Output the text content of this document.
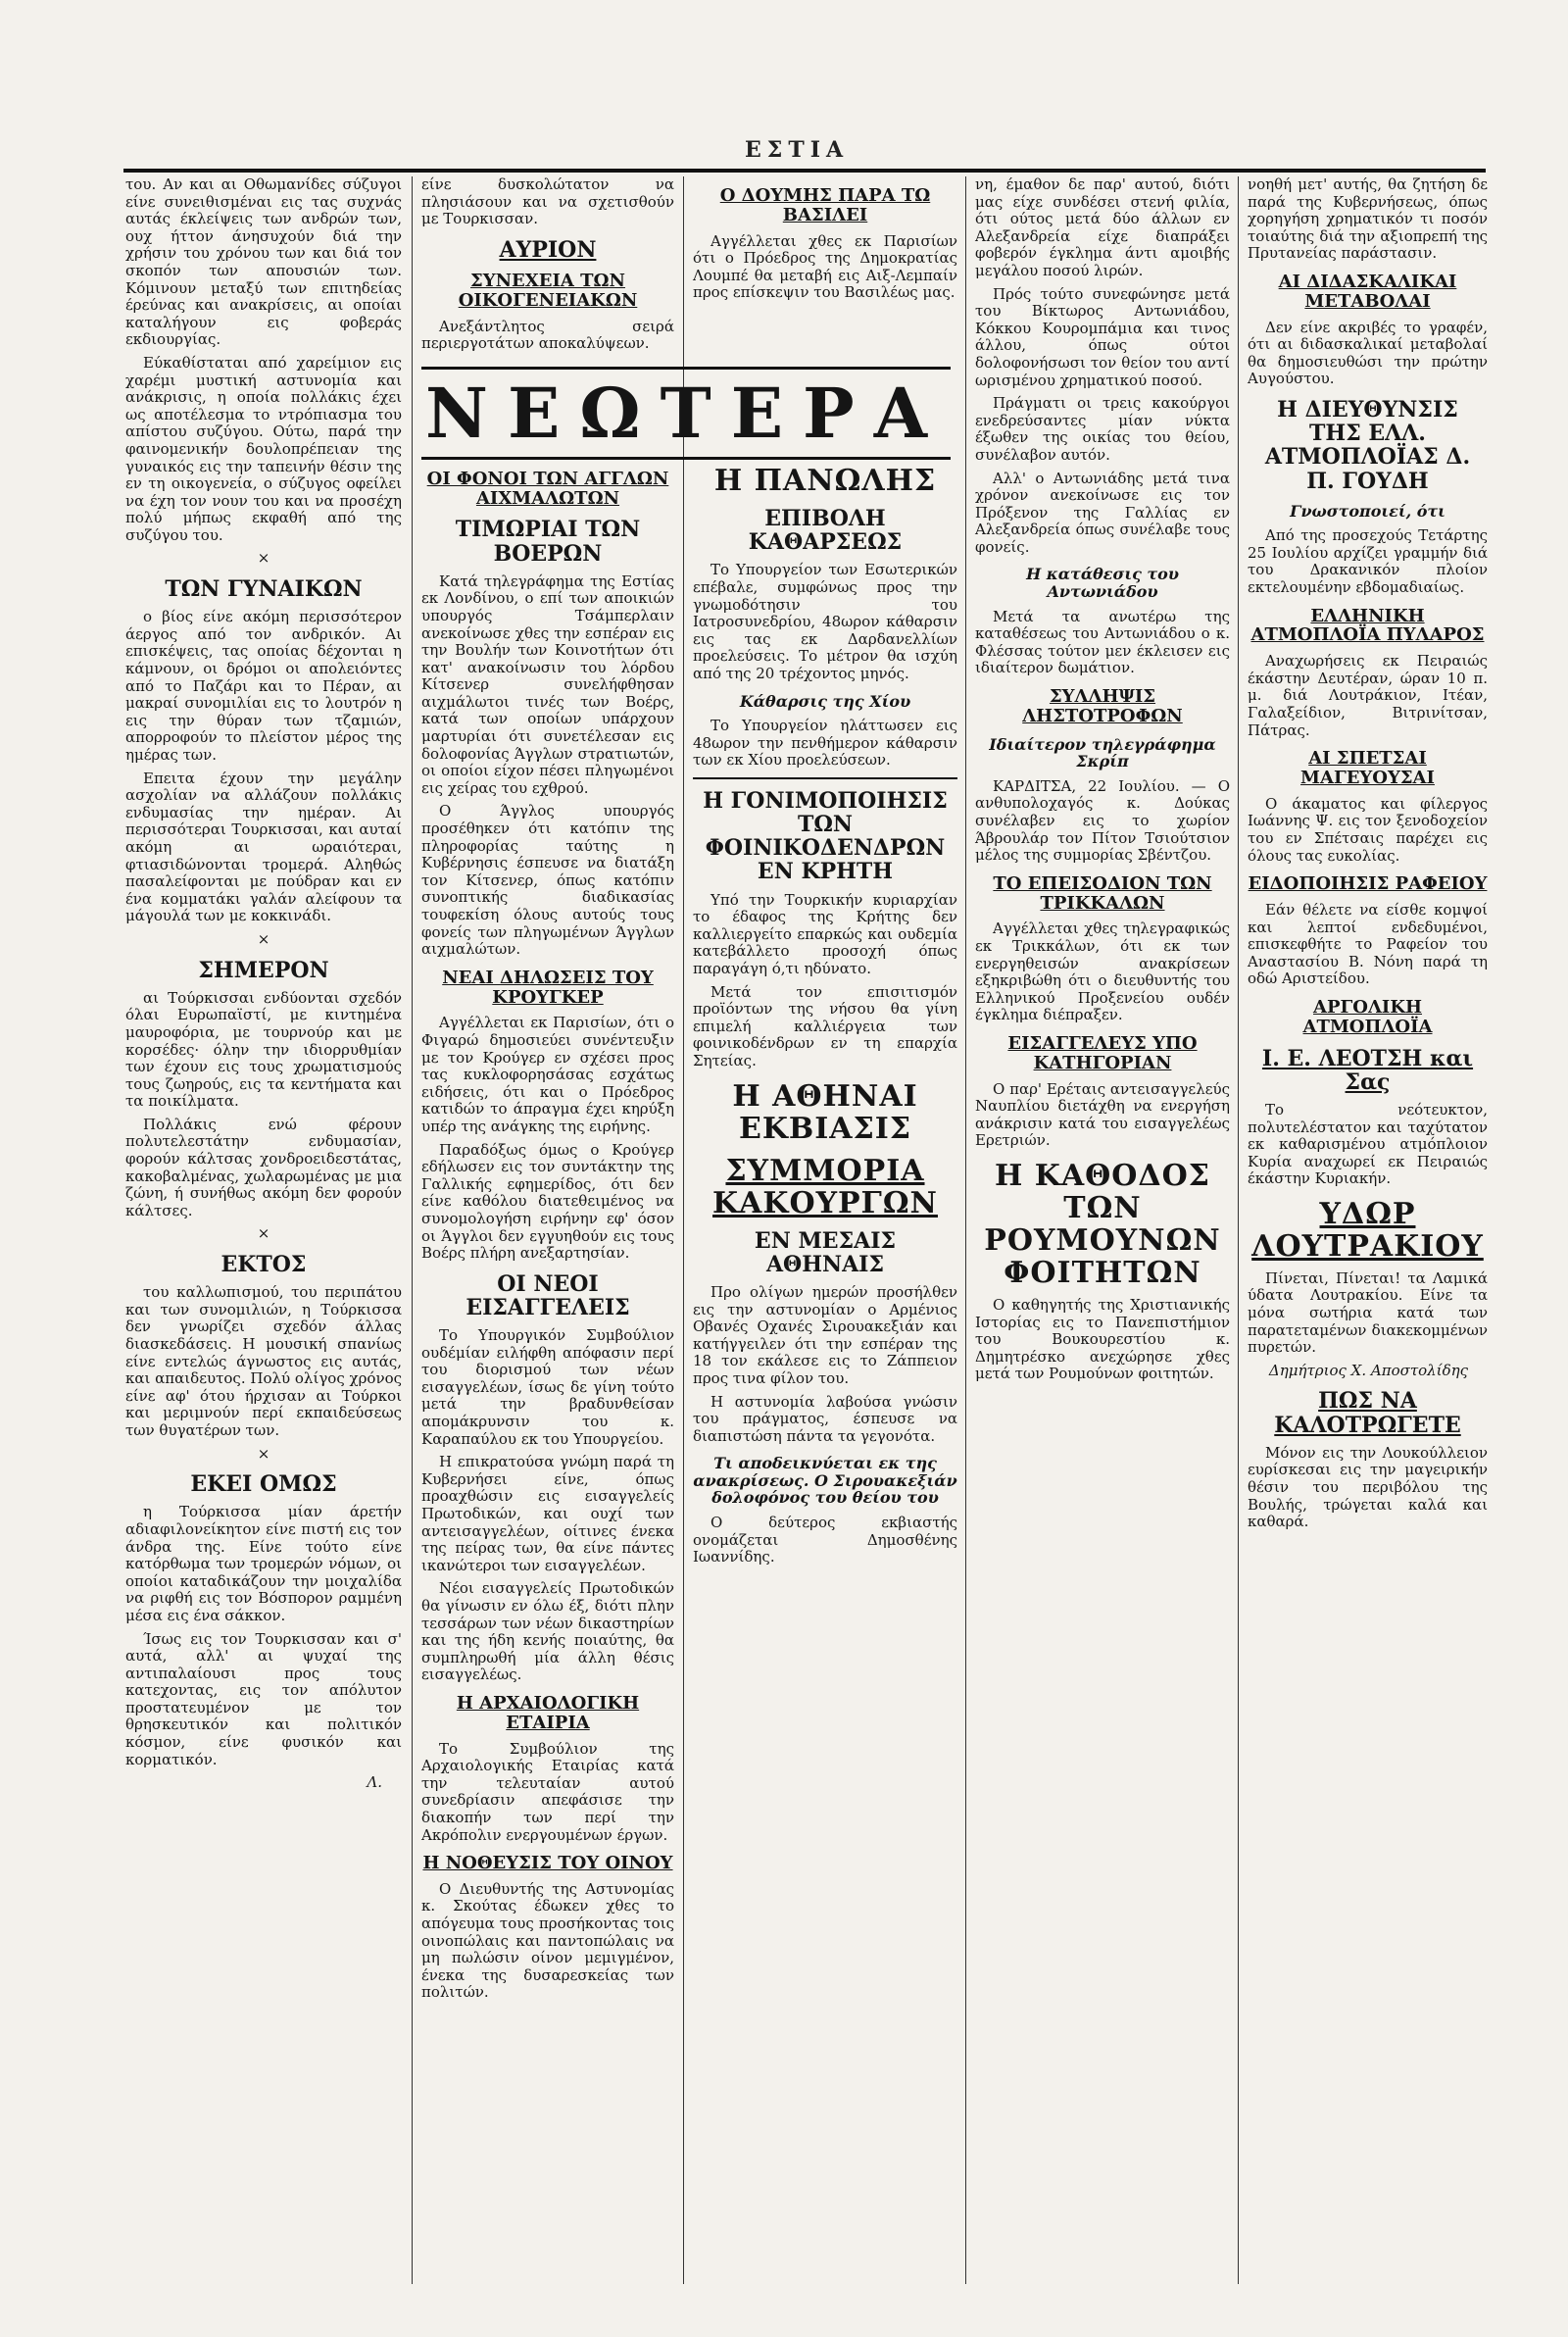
ΕΣΤΙΑ

του. Αν και αι Οθωμανίδες σύζυγοι είνε συνειθισμέναι εις τας συχνάς αυτάς έκλείψεις των ανδρών των, ουχ ήττον άνησυχούν διά την χρήσιν του χρόνου των και διά τον σκοπόν των απουσιών των. Κόμινουν μεταξύ των επιτηδείας έρεύνας και ανακρίσεις, αι οποίαι καταλήγουν εις φοβεράς εκδιουργίας.

Εύκαθίσταται από χαρείμιον εις χαρέμι μυστική αστυνομία και ανάκρισις, η οποία πολλάκις έχει ως αποτέλεσμα το ντρόπιασμα του απίστου συζύγου. Ούτω, παρά την φαινομενικήν δουλοπρέπειαν της γυναικός εις την ταπεινήν θέσιν της εν τη οικογενεία, ο σύζυγος οφείλει να έχη τον νουν του και να προσέχη πολύ μήπως εκφαθή από της συζύγου του.

×
ΤΩΝ ΓΥΝΑΙΚΩΝ

ο βίος είνε ακόμη περισσότερον άεργος από τον ανδρικόν. Αι επισκέψεις, τας οποίας δέχονται η κάμνουν, οι δρόμοι οι απολειόντες από το Παζάρι και το Πέραν, αι μακραί συνομιλίαι εις το λουτρόν η εις την θύραν των τζαμιών, απορροφούν το πλείστον μέρος της ημέρας των.

Επειτα έχουν την μεγάλην ασχολίαν να αλλάζουν πολλάκις ενδυμασίας την ημέραν. Αι περισσότεραι Τουρκισσαι, και αυταί ακόμη αι ωραιότεραι, φτιασιδώνονται τρομερά. Αληθώς πασαλείφονται με πούδραν και εν ένα κομματάκι γαλάν αλείφουν τα μάγουλά των με κοκκινάδι.

×
ΣΗΜΕΡΟΝ

αι Τούρκισσαι ενδύονται σχεδόν όλαι Ευρωπαϊστί, με κιντημένα μαυροφόρια, με τουρνούρ και με κορσέδες· όλην την ιδιορρυθμίαν των έχουν εις τους χρωματισμούς τους ζωηρούς, εις τα κεντήματα και τα ποικίλματα.

Πολλάκις ενώ φέρουν πολυτελεστάτην ενδυμασίαν, φορούν κάλτσας χονδροειδεστάτας, κακοβαλμένας, χωλαρωμένας με μια ζώνη, ή συνήθως ακόμη δεν φορούν κάλτσες.

×
ΕΚΤΟΣ

του καλλωπισμού, του περιπάτου και των συνομιλιών, η Τούρκισσα δεν γνωρίζει σχεδόν άλλας διασκεδάσεις. Η μουσική σπανίως είνε εντελώς άγνωστος εις αυτάς, και απαιδευτος. Πολύ ολίγος χρόνος είνε αφ' ότου ήρχισαν αι Τούρκοι και μεριμνούν περί εκπαιδεύσεως των θυγατέρων των.

×
ΕΚΕΙ ΟΜΩΣ

η Τούρκισσα μίαν άρετήν αδιαφιλονείκητον είνε πιστή εις τον άνδρα της. Είνε τούτο είνε κατόρθωμα των τρομερών νόμων, οι οποίοι καταδικάζουν την μοιχαλίδα να ριφθή εις τον Βόσπορον ραμμένη μέσα εις ένα σάκκον.

Ίσως εις τον Τουρκισσαν και σ' αυτά, αλλ' αι ψυχαί της αντιπαλαίουσι προς τους κατεχοντας, εις τον απόλυτον προστατευμένον με τον θρησκευτικόν και πολιτικόν κόσμον, είνε φυσικόν και κορματικόν.

Λ.

είνε δυσκολώτατον να πλησιάσουν και να σχετισθούν με Τουρκισσαν.

ΑΥΡΙΟΝ
ΣΥΝΕΧΕΙΑ ΤΩΝ ΟΙΚΟΓΕΝΕΙΑΚΩΝ

Ανεξάντλητος σειρά περιεργοτάτων αποκαλύψεων.

ΝΕΩΤΕΡΑ
ΟΙ ΦΟΝΟΙ ΤΩΝ ΑΓΓΛΩΝ ΑΙΧΜΑΛΩΤΩΝ
ΤΙΜΩΡΙΑΙ ΤΩΝ ΒΟΕΡΩΝ

Κατά τηλεγράφημα της Εστίας εκ Λονδίνου, ο επί των αποικιών υπουργός Τσάμπερλαιν ανεκοίνωσε χθες την εσπέραν εις την Βουλήν των Κοινοτήτων ότι κατ' ανακοίνωσιν του λόρδου Κίτσενερ συνελήφθησαν αιχμάλωτοι τινές των Βοέρς, κατά των οποίων υπάρχουν μαρτυρίαι ότι συνετέλεσαν εις δολοφονίας Άγγλων στρατιωτών, οι οποίοι είχον πέσει πληγωμένοι εις χείρας του εχθρού.

Ο Άγγλος υπουργός προσέθηκεν ότι κατόπιν της πληροφορίας ταύτης η Κυβέρνησις έσπευσε να διατάξη τον Κίτσενερ, όπως κατόπιν συνοπτικής διαδικασίας τουφεκίση όλους αυτούς τους φονείς των πληγωμένων Άγγλων αιχμαλώτων.

ΝΕΑΙ ΔΗΛΩΣΕΙΣ ΤΟΥ ΚΡΟΥΓΚΕΡ

Αγγέλλεται εκ Παρισίων, ότι ο Φιγαρώ δημοσιεύει συνέντευξιν με τον Κρούγερ εν σχέσει προς τας κυκλοφορησάσας εσχάτως ειδήσεις, ότι και ο Πρόεδρος κατιδών το άπραγμα έχει κηρύξη υπέρ της ανάγκης της ειρήνης.

Παραδόξως όμως ο Κρούγερ εδήλωσεν εις τον συντάκτην της Γαλλικής εφημερίδος, ότι δεν είνε καθόλου διατεθειμένος να συνομολογήση ειρήνην εφ' όσον οι Άγγλοι δεν εγγυηθούν εις τους Βοέρς πλήρη ανεξαρτησίαν.

ΟΙ ΝΕΟΙ ΕΙΣΑΓΓΕΛΕΙΣ

Το Υπουργικόν Συμβούλιον ουδέμίαν ειλήφθη απόφασιν περί του διορισμού των νέων εισαγγελέων, ίσως δε γίνη τούτο μετά την βραδυνθείσαν απομάκρυνσιν του κ. Καραπαύλου εκ του Υπουργείου.

Η επικρατούσα γνώμη παρά τη Κυβερνήσει είνε, όπως προαχθώσιν εις εισαγγελείς Πρωτοδικών, και ουχί των αντεισαγγελέων, οίτινες ένεκα της πείρας των, θα είνε πάντες ικανώτεροι των εισαγγελέων.

Νέοι εισαγγελείς Πρωτοδικών θα γίνωσιν εν όλω έξ, διότι πλην τεσσάρων των νέων δικαστηρίων και της ήδη κενής ποιαύτης, θα συμπληρωθή μία άλλη θέσις εισαγγελέως.

Η ΑΡΧΑΙΟΛΟΓΙΚΗ ΕΤΑΙΡΙΑ

Το Συμβούλιον της Αρχαιολογικής Εταιρίας κατά την τελευταίαν αυτού συνεδρίασιν απεφάσισε την διακοπήν των περί την Ακρόπολιν ενεργουμένων έργων.

Η ΝΟΘΕΥΣΙΣ ΤΟΥ ΟΙΝΟΥ

Ο Διευθυντής της Αστυνομίας κ. Σκούτας έδωκεν χθες το απόγευμα τους προσήκοντας τοις οινοπώλαις και παντοπώλαις να μη πωλώσιν οίνον μεμιγμένον, ένεκα της δυσαρεσκείας των πολιτών.

Ο ΔΟΥΜΗΣ ΠΑΡΑ ΤΩ ΒΑΣΙΛΕΙ

Αγγέλλεται χθες εκ Παρισίων ότι ο Πρόεδρος της Δημοκρατίας Λουμπέ θα μεταβή εις Αιξ-Λεμπαίν προς επίσκεψιν του Βασιλέως μας.

Η ΠΑΝΩΛΗΣ
ΕΠΙΒΟΛΗ ΚΑΘΑΡΣΕΩΣ

Το Υπουργείον των Εσωτερικών επέβαλε, συμφώνως προς την γνωμοδότησιν του Ιατροσυνεδρίου, 48ωρον κάθαρσιν εις τας εκ Δαρδανελλίων προελεύσεις. Το μέτρον θα ισχύη από της 20 τρέχοντος μηνός.

Κάθαρσις της Χίου

Το Υπουργείον ηλάττωσεν εις 48ωρον την πενθήμερον κάθαρσιν των εκ Χίου προελεύσεων.

Η ΓΟΝΙΜΟΠΟΙΗΣΙΣ ΤΩΝ ΦΟΙΝΙΚΟΔΕΝΔΡΩΝ ΕΝ ΚΡΗΤΗ

Υπό την Τουρκικήν κυριαρχίαν το έδαφος της Κρήτης δεν καλλιεργείτο επαρκώς και ουδεμία κατεβάλλετο προσοχή όπως παραγάγη ό,τι ηδύνατο.

Μετά τον επισιτισμόν προϊόντων της νήσου θα γίνη επιμελή καλλιέργεια των φοινικοδένδρων εν τη επαρχία Σητείας.

Η ΑΘΗΝΑΙ ΕΚΒΙΑΣΙΣ
ΣΥΜΜΟΡΙΑ ΚΑΚΟΥΡΓΩΝ
ΕΝ ΜΕΣΑΙΣ ΑΘΗΝΑΙΣ

Προ ολίγων ημερών προσήλθεν εις την αστυνομίαν ο Αρμένιος Οβανές Οχανές Σιρουακεξιάν και κατήγγειλεν ότι την εσπέραν της 18 τον εκάλεσε εις το Ζάππειον προς τινα φίλον του.

Η αστυνομία λαβούσα γνώσιν του πράγματος, έσπευσε να διαπιστώση πάντα τα γεγονότα.

Τι αποδεικνύεται εκ της ανακρίσεως. Ο Σιρουακεξιάν δολοφόνος του θείου του

Ο δεύτερος εκβιαστής ονομάζεται Δημοσθένης Ιωαννίδης.

νη, έμαθον δε παρ' αυτού, διότι μας είχε συνδέσει στενή φιλία, ότι ούτος μετά δύο άλλων εν Αλεξανδρεία είχε διαπράξει φοβερόν έγκλημα άντι αμοιβής μεγάλου ποσού λιρών.

Πρός τούτο συνεφώνησε μετά του Βίκτωρος Αντωνιάδου, Κόκκου Κουρομπάμια και τινος άλλου, όπως ούτοι δολοφονήσωσι τον θείον του αντί ωρισμένου χρηματικού ποσού.

Πράγματι οι τρεις κακούργοι ενεδρεύσαντες μίαν νύκτα έξωθεν της οικίας του θείου, συνέλαβον αυτόν.

Αλλ' ο Αντωνιάδης μετά τινα χρόνον ανεκοίνωσε εις τον Πρόξενον της Γαλλίας εν Αλεξανδρεία όπως συνέλαβε τους φονείς.

Η κατάθεσις του Αντωνιάδου

Μετά τα ανωτέρω της καταθέσεως του Αντωνιάδου ο κ. Φλέσσας τούτον μεν έκλεισεν εις ιδιαίτερον δωμάτιον.

ΣΥΛΛΗΨΙΣ ΛΗΣΤΟΤΡΟΦΩΝ
Ιδιαίτερον τηλεγράφημα Σκρίπ

ΚΑΡΔΙΤΣΑ, 22 Ιουλίου. — Ο ανθυπολοχαγός κ. Δούκας συνέλαβεν εις το χωρίον Άβρουλάρ τον Πίτον Τσιούτσιον μέλος της συμμορίας Σβέντζου.

ΤΟ ΕΠΕΙΣΟΔΙΟΝ ΤΩΝ ΤΡΙΚΚΑΛΩΝ

Αγγέλλεται χθες τηλεγραφικώς εκ Τρικκάλων, ότι εκ των ενεργηθεισών ανακρίσεων εξηκριβώθη ότι ο διευθυντής του Ελληνικού Προξενείου ουδέν έγκλημα διέπραξεν.

ΕΙΣΑΓΓΕΛΕΥΣ ΥΠΟ ΚΑΤΗΓΟΡΙΑΝ

Ο παρ' Ερέταις αντεισαγγελεύς Ναυπλίου διετάχθη να ενεργήση ανάκρισιν κατά του εισαγγελέως Ερετριών.

Η ΚΑΘΟΔΟΣ ΤΩΝ ΡΟΥΜΟΥΝΩΝ ΦΟΙΤΗΤΩΝ

Ο καθηγητής της Χριστιανικής Ιστορίας εις το Πανεπιστήμιον του Βουκουρεστίου κ. Δημητρέσκο ανεχώρησε χθες μετά των Ρουμούνων φοιτητών.

νοηθή μετ' αυτής, θα ζητήση δε παρά της Κυβερνήσεως, όπως χορηγήση χρηματικόν τι ποσόν τοιαύτης διά την αξιοπρεπή της Πρυτανείας παράστασιν.

ΑΙ ΔΙΔΑΣΚΑΛΙΚΑΙ ΜΕΤΑΒΟΛΑΙ

Δεν είνε ακριβές το γραφέν, ότι αι διδασκαλικαί μεταβολαί θα δημοσιευθώσι την πρώτην Αυγούστου.

Η ΔΙΕΥΘΥΝΣΙΣ ΤΗΣ ΕΛΛ. ΑΤΜΟΠΛΟΪΑΣ Δ. Π. ΓΟΥΔΗ
Γνωστοποιεί, ότι

Από της προσεχούς Τετάρτης 25 Ιουλίου αρχίζει γραμμήν διά του Δρακανικόν πλοίον εκτελουμένην εβδομαδιαίως.

ΕΛΛΗΝΙΚΗ ΑΤΜΟΠΛΟΪΑ ΠΥΛΑΡΟΣ

Αναχωρήσεις εκ Πειραιώς έκάστην Δευτέραν, ώραν 10 π. μ. διά Λουτράκιον, Ιτέαν, Γαλαξείδιον, Βιτρινίτσαν, Πάτρας.

ΑΙ ΣΠΕΤΣΑΙ ΜΑΓΕΥΟΥΣΑΙ

Ο άκαματος και φίλεργος Ιωάννης Ψ. εις τον ξενοδοχείον του εν Σπέτσαις παρέχει εις όλους τας ευκολίας.

ΕΙΔΟΠΟΙΗΣΙΣ ΡΑΦΕΙΟΥ

Εάν θέλετε να είσθε κομψοί και λεπτοί ενδεδυμένοι, επισκεφθήτε το Ραφείον του Αναστασίου Β. Νόνη παρά τη οδώ Αριστείδου.

ΑΡΓΟΛΙΚΗ ΑΤΜΟΠΛΟΪΑ
Ι. Ε. ΛΕΟΤΣΗ και Σας

Το νεότευκτον, πολυτελέστατον και ταχύτατον εκ καθαρισμένου ατμόπλοιον Κυρία αναχωρεί εκ Πειραιώς έκάστην Κυριακήν.

ΥΔΩΡ ΛΟΥΤΡΑΚΙΟΥ

Πίνεται, Πίνεται! τα Λαμικά ύδατα Λουτρακίου. Είνε τα μόνα σωτήρια κατά των παρατεταμένων διακεκομμένων πυρετών.

Δημήτριος Χ. Αποστολίδης
ΠΩΣ ΝΑ ΚΑΛΟΤΡΩΓΕΤΕ

Μόνον εις την Λουκούλλειον ευρίσκεσαι εις την μαγειρικήν θέσιν του περιβόλου της Βουλής, τρώγεται καλά και καθαρά.
